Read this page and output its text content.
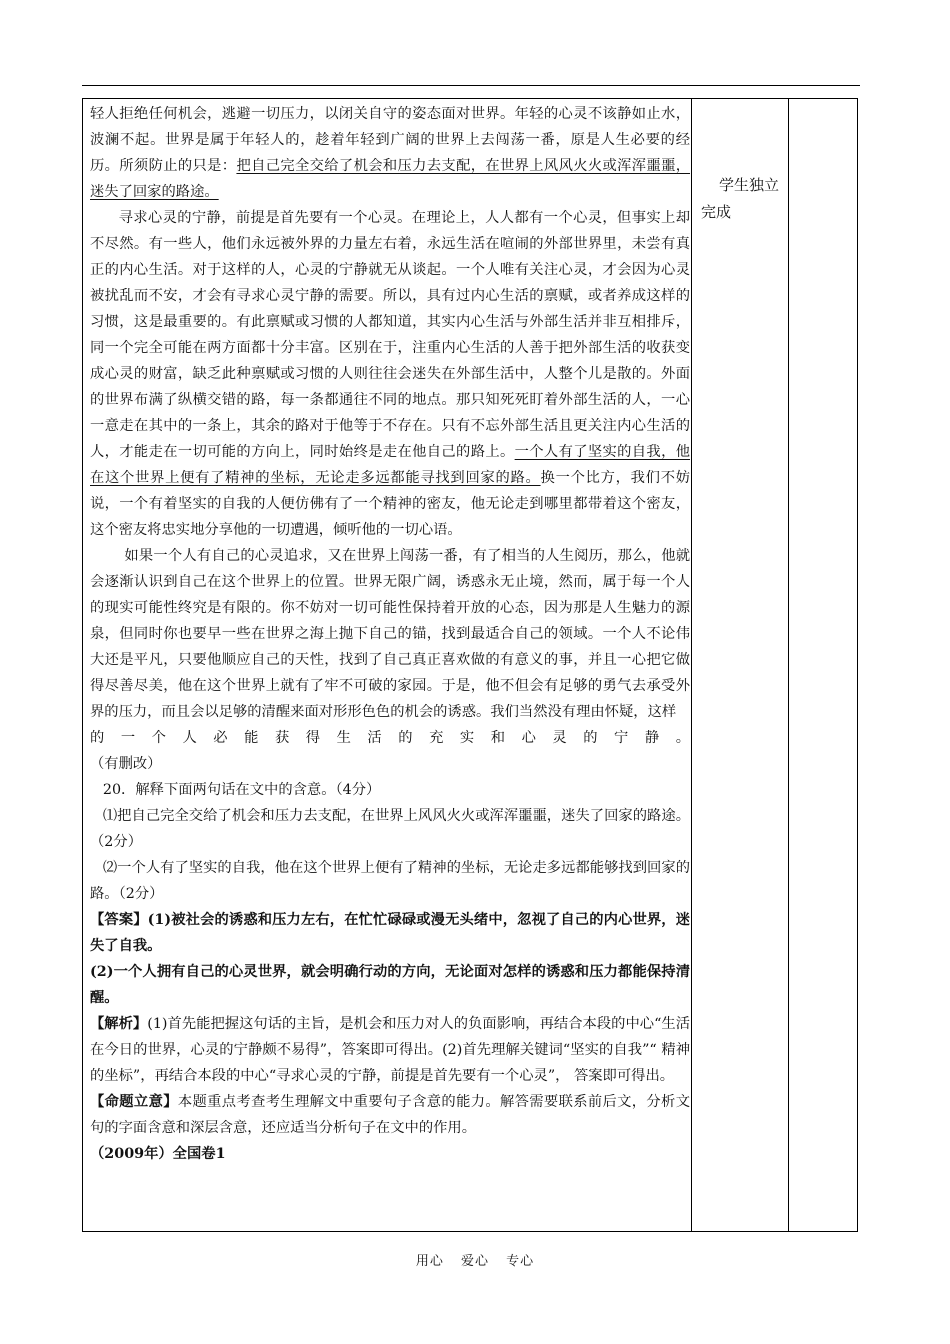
轻人拒绝任何机会，逃避一切压力，以闭关自守的姿态面对世界。年轻的心灵不该静如止水，波澜不起。世界是属于年轻人的，趁着年轻到广阔的世界上去闯荡一番，原是人生必要的经历。所须防止的只是：把自己完全交给了机会和压力去支配，在世界上风风火火或浑浑噩噩，迷失了回家的路途。

寻求心灵的宁静，前提是首先要有一个心灵。在理论上，人人都有一个心灵，但事实上却不尽然。有一些人，他们永远被外界的力量左右着，永远生活在喧闹的外部世界里，未尝有真正的内心生活。对于这样的人，心灵的宁静就无从谈起。一个人唯有关注心灵，才会因为心灵被扰乱而不安，才会有寻求心灵宁静的需要。所以，具有过内心生活的禀赋，或者养成这样的习惯，这是最重要的。有此禀赋或习惯的人都知道，其实内心生活与外部生活并非互相排斥，同一个完全可能在两方面都十分丰富。区别在于，注重内心生活的人善于把外部生活的收获变成心灵的财富，缺乏此种禀赋或习惯的人则往往会迷失在外部生活中，人整个儿是散的。外面的世界布满了纵横交错的路，每一条都通往不同的地点。那只知死死盯着外部生活的人，一心一意走在其中的一条上，其余的路对于他等于不存在。只有不忘外部生活且更关注内心生活的人，才能走在一切可能的方向上，同时始终是走在他自己的路上。一个人有了坚实的自我，他在这个世界上便有了精神的坐标，无论走多远都能寻找到回家的路。换一个比方，我们不妨说，一个有着坚实的自我的人便仿佛有了一个精神的密友，他无论走到哪里都带着这个密友，这个密友将忠实地分享他的一切遭遇，倾听他的一切心语。

如果一个人有自己的心灵追求，又在世界上闯荡一番，有了相当的人生阅历，那么，他就会逐渐认识到自己在这个世界上的位置。世界无限广阔，诱惑永无止境，然而，属于每一个人的现实可能性终究是有限的。你不妨对一切可能性保持着开放的心态，因为那是人生魅力的源泉，但同时你也要早一些在世界之海上抛下自己的锚，找到最适合自己的领域。一个人不论伟大还是平凡，只要他顺应自己的天性，找到了自己真正喜欢做的有意义的事，并且一心把它做得尽善尽美，他在这个世界上就有了牢不可破的家园。于是，他不但会有足够的勇气去承受外界的压力，而且会以足够的清醒来面对形形色色的机会的诱惑。我们当然没有理由怀疑，这样

的一个人必能获得生活的充实和心灵的宁静。

（有删改）

20．解释下面两句话在文中的含意。（4分）

⑴把自己完全交给了机会和压力去支配，在世界上风风火火或浑浑噩噩，迷失了回家的路途。（2分）

⑵一个人有了坚实的自我，他在这个世界上便有了精神的坐标，无论走多远都能够找到回家的路。（2分）

【答案】(1)被社会的诱惑和压力左右，在忙忙碌碌或漫无头绪中，忽视了自己的内心世界，迷失了自我。

(2)一个人拥有自己的心灵世界，就会明确行动的方向，无论面对怎样的诱惑和压力都能保持清醒。

【解析】(1)首先能把握这句话的主旨，是机会和压力对人的负面影响，再结合本段的中心“生活在今日的世界，心灵的宁静颇不易得”，答案即可得出。(2)首先理解关键词“坚实的自我”“ 精神的坐标”，再结合本段的中心“寻求心灵的宁静，前提是首先要有一个心灵”， 答案即可得出。

【命题立意】本题重点考查考生理解文中重要句子含意的能力。解答需要联系前后文，分析文句的字面含意和深层含意，还应适当分析句子在文中的作用。

（2009年）全国卷1

学生独立
完成
用心 爱心 专心
